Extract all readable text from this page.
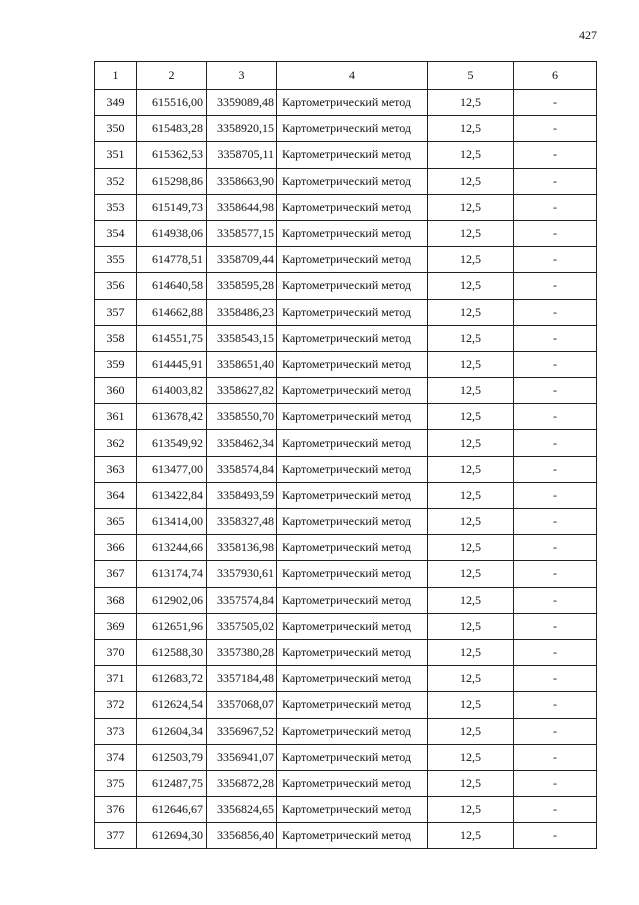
427
1	2	3	4	5	6
349	615516,00	3359089,48	Картометрический метод	12,5	-
350	615483,28	3358920,15	Картометрический метод	12,5	-
351	615362,53	3358705,11	Картометрический метод	12,5	-
352	615298,86	3358663,90	Картометрический метод	12,5	-
353	615149,73	3358644,98	Картометрический метод	12,5	-
354	614938,06	3358577,15	Картометрический метод	12,5	-
355	614778,51	3358709,44	Картометрический метод	12,5	-
356	614640,58	3358595,28	Картометрический метод	12,5	-
357	614662,88	3358486,23	Картометрический метод	12,5	-
358	614551,75	3358543,15	Картометрический метод	12,5	-
359	614445,91	3358651,40	Картометрический метод	12,5	-
360	614003,82	3358627,82	Картометрический метод	12,5	-
361	613678,42	3358550,70	Картометрический метод	12,5	-
362	613549,92	3358462,34	Картометрический метод	12,5	-
363	613477,00	3358574,84	Картометрический метод	12,5	-
364	613422,84	3358493,59	Картометрический метод	12,5	-
365	613414,00	3358327,48	Картометрический метод	12,5	-
366	613244,66	3358136,98	Картометрический метод	12,5	-
367	613174,74	3357930,61	Картометрический метод	12,5	-
368	612902,06	3357574,84	Картометрический метод	12,5	-
369	612651,96	3357505,02	Картометрический метод	12,5	-
370	612588,30	3357380,28	Картометрический метод	12,5	-
371	612683,72	3357184,48	Картометрический метод	12,5	-
372	612624,54	3357068,07	Картометрический метод	12,5	-
373	612604,34	3356967,52	Картометрический метод	12,5	-
374	612503,79	3356941,07	Картометрический метод	12,5	-
375	612487,75	3356872,28	Картометрический метод	12,5	-
376	612646,67	3356824,65	Картометрический метод	12,5	-
377	612694,30	3356856,40	Картометрический метод	12,5	-
